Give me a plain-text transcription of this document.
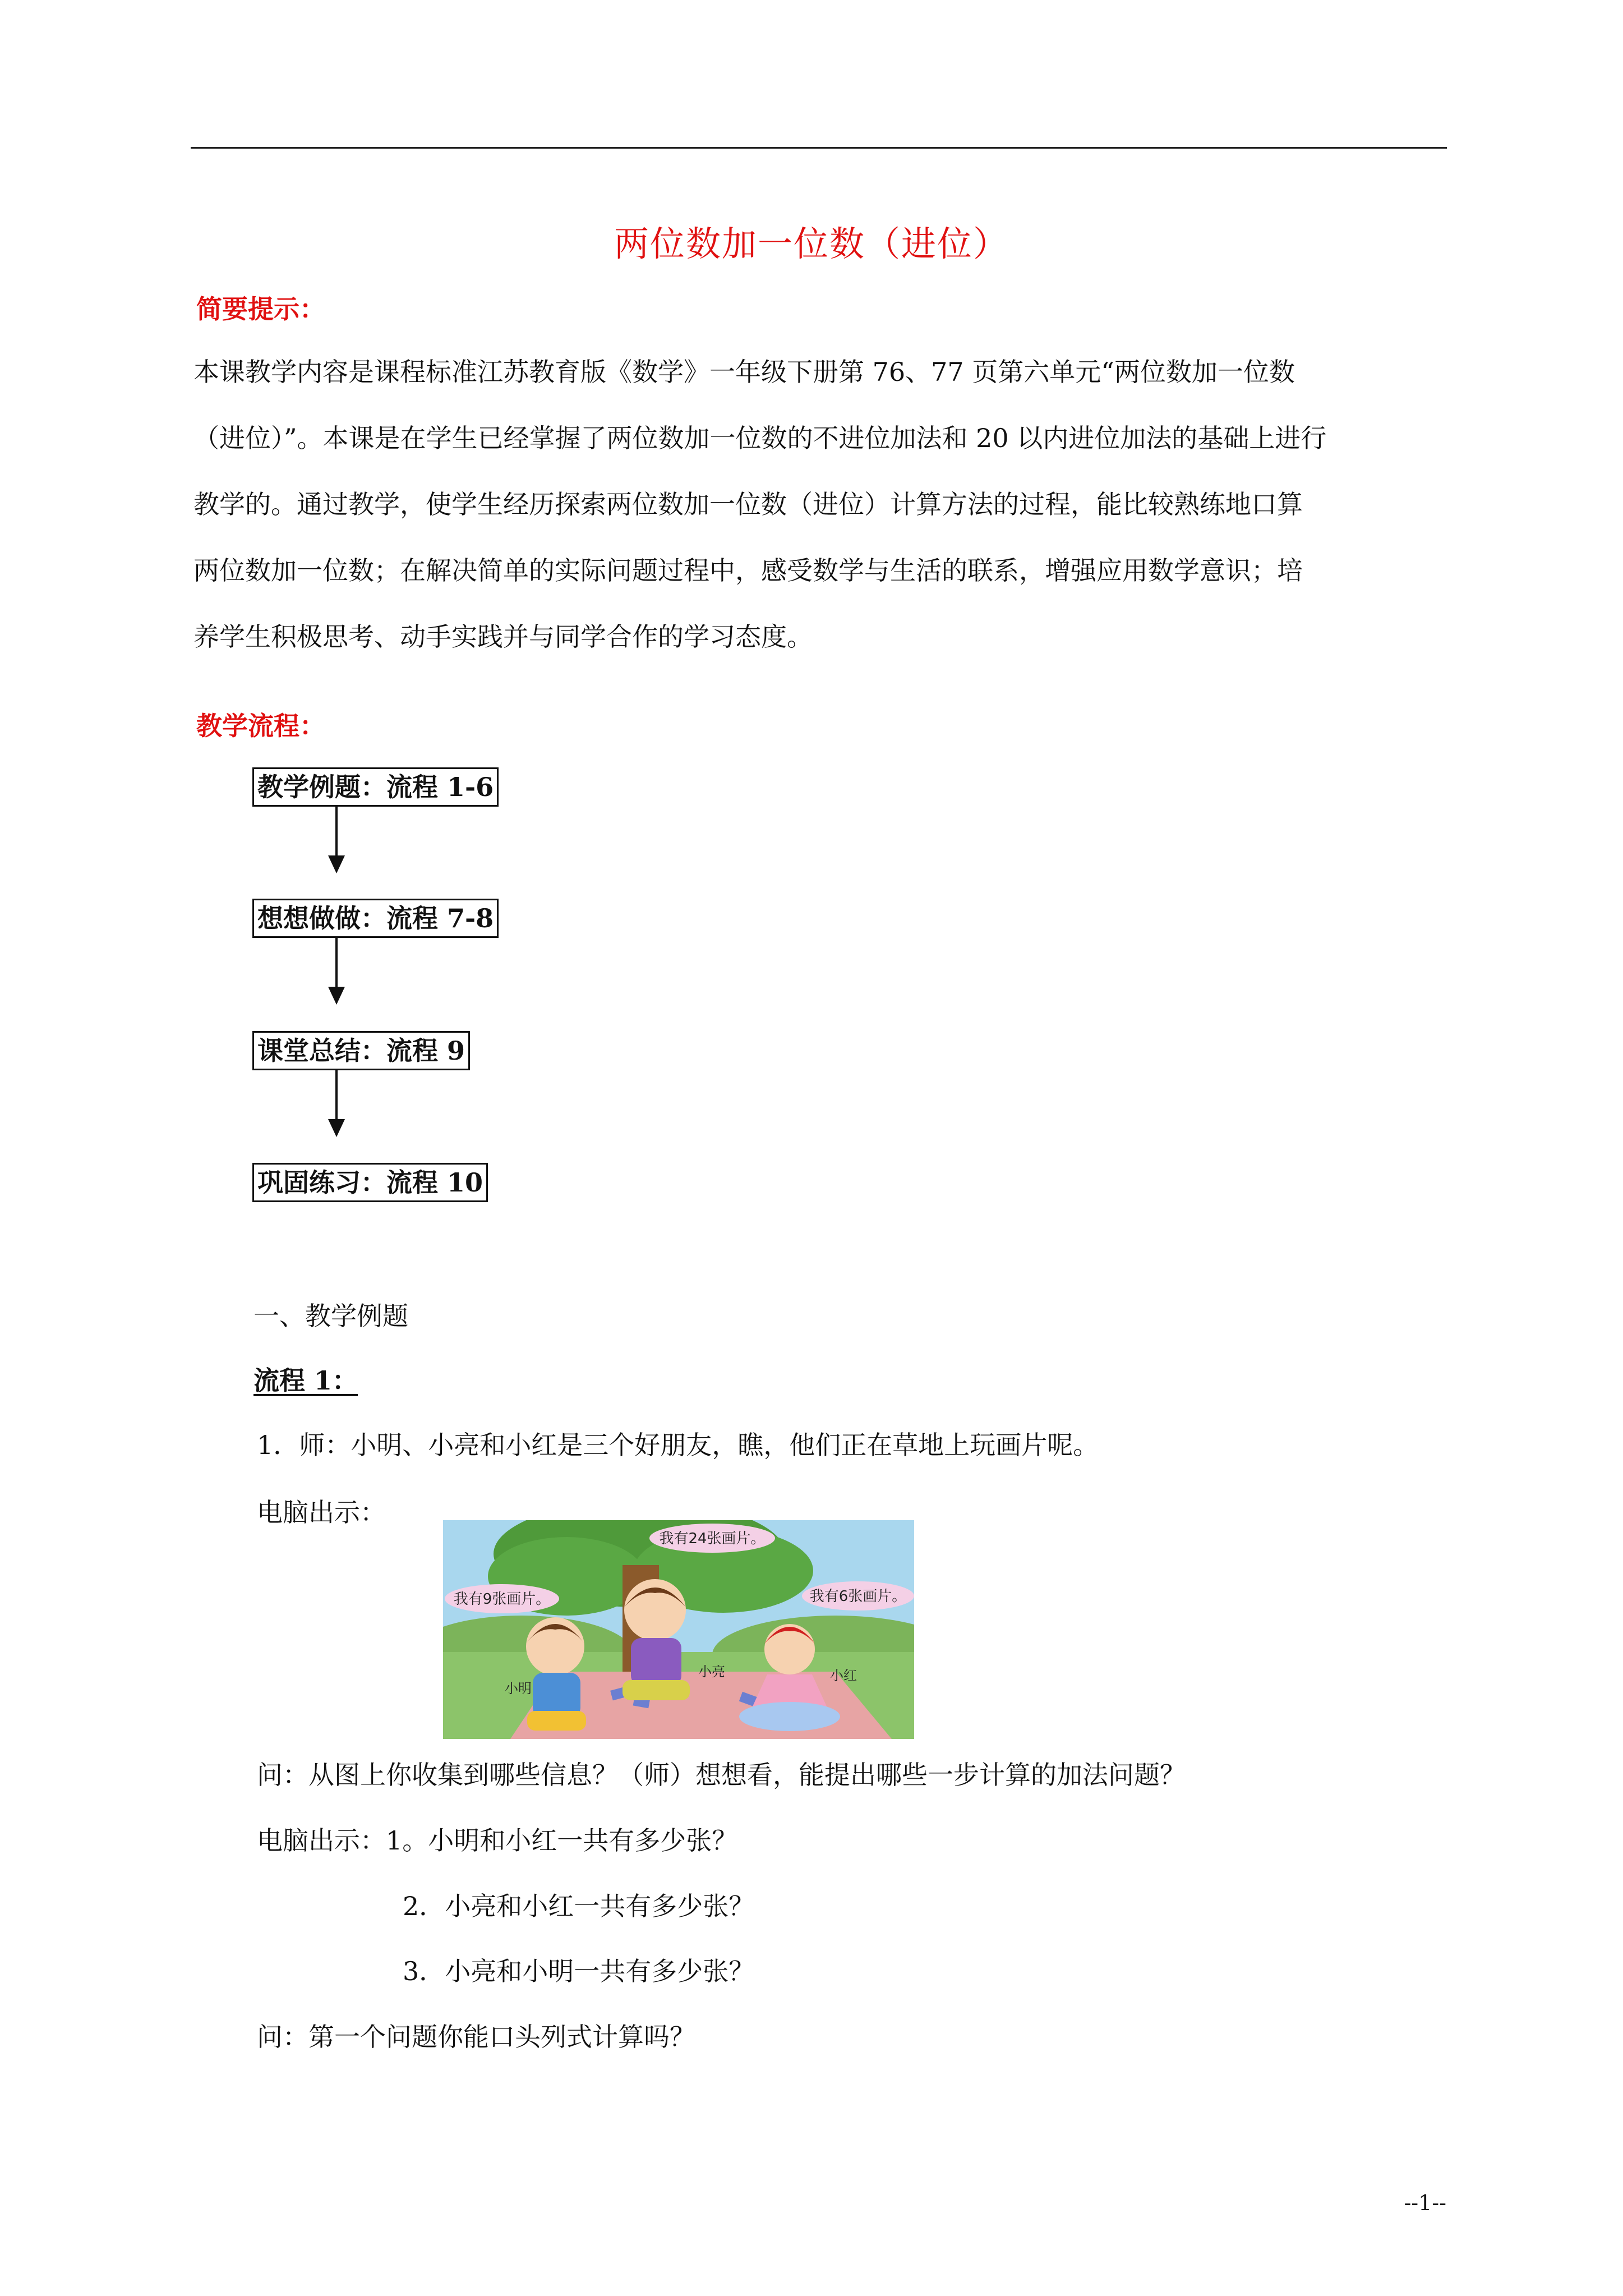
两位数加一位数（进位）
简要提示：
本课教学内容是课程标准江苏教育版《数学》一年级下册第 76、77 页第六单元“两位数加一位数
（进位）”。本课是在学生已经掌握了两位数加一位数的不进位加法和 20 以内进位加法的基础上进行
教学的。通过教学，使学生经历探索两位数加一位数（进位）计算方法的过程，能比较熟练地口算
两位数加一位数；在解决简单的实际问题过程中，感受数学与生活的联系，增强应用数学意识；培
养学生积极思考、动手实践并与同学合作的学习态度。
教学流程：
教学例题：流程 1-6
想想做做：流程 7-8
课堂总结：流程 9
巩固练习：流程 10
一、教学例题
流程 1：
1．师：小明、小亮和小红是三个好朋友，瞧，他们正在草地上玩画片呢。
电脑出示：
我有24张画片。
我有9张画片。	我有6张画片。
小明
小亮	小红
问：从图上你收集到哪些信息？（师）想想看，能提出哪些一步计算的加法问题？
电脑出示：1。小明和小红一共有多少张？
2．小亮和小红一共有多少张？
3．小亮和小明一共有多少张？
问：第一个问题你能口头列式计算吗？
--1--
